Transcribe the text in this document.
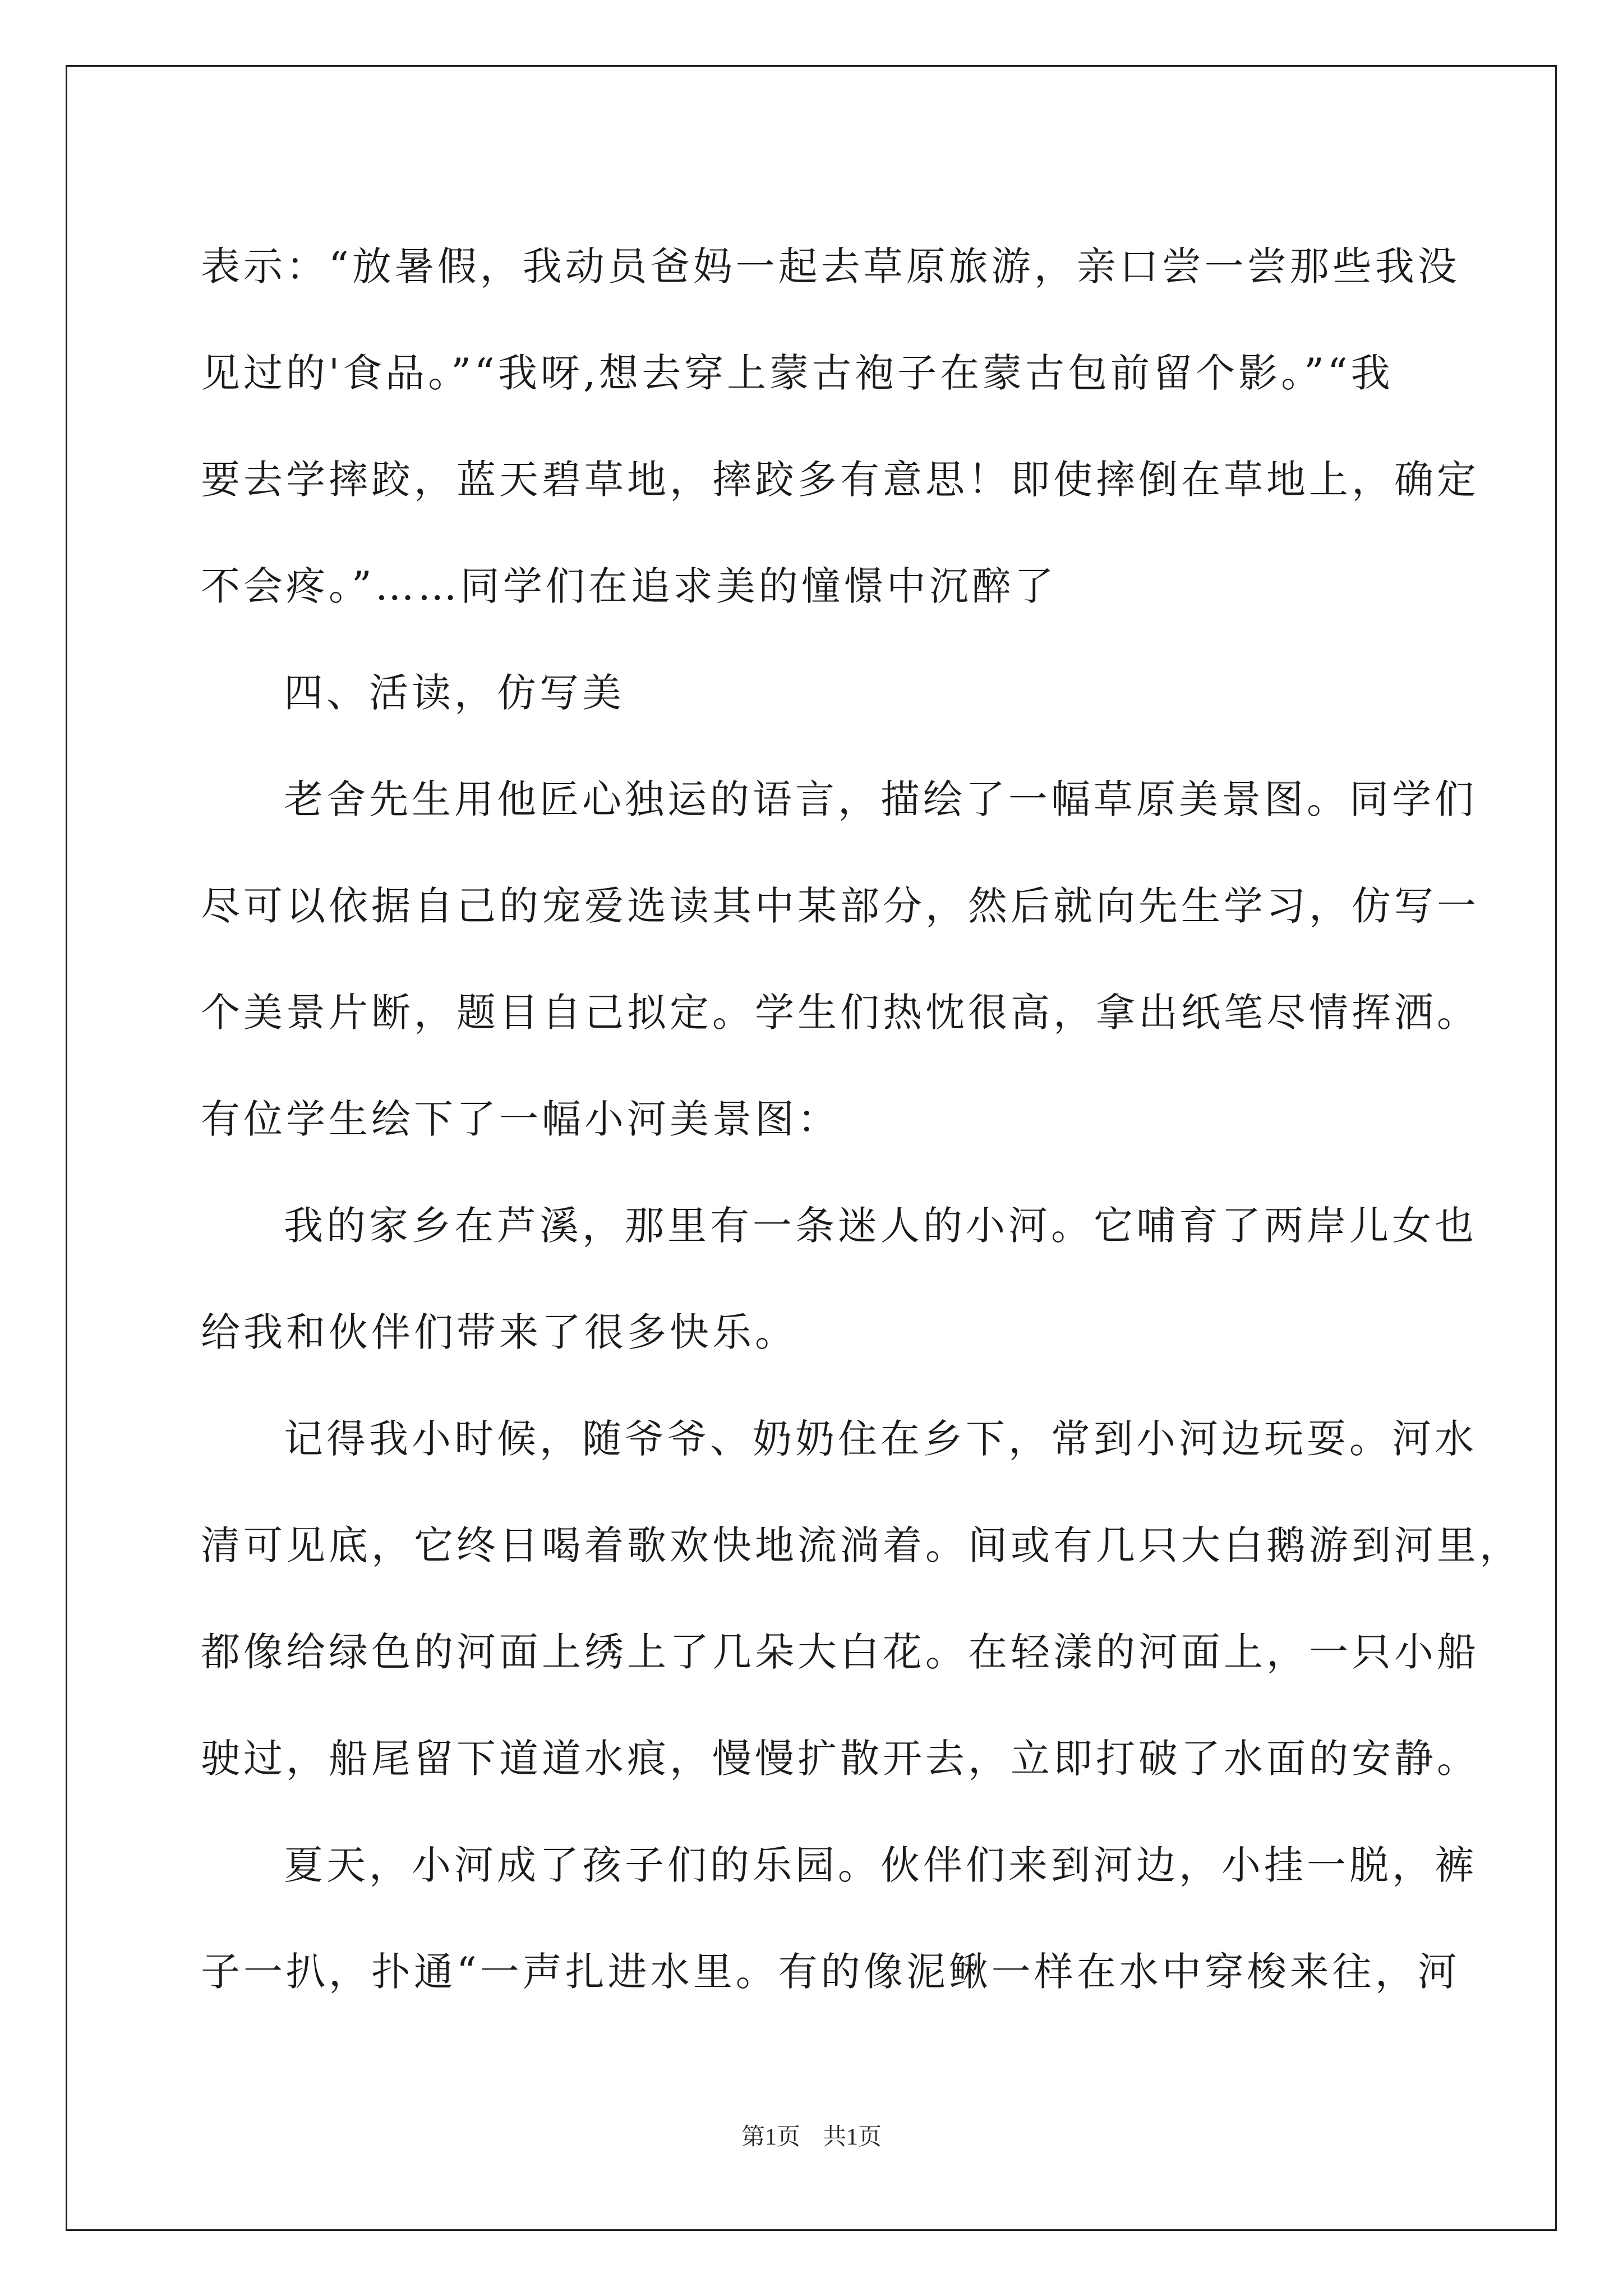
表示：“放暑假，我动员爸妈一起去草原旅游，亲口尝一尝那些我没
见过的'食品。”“我呀,想去穿上蒙古袍子在蒙古包前留个影。”“我
要去学摔跤，蓝天碧草地，摔跤多有意思！即使摔倒在草地上，确定
不会疼。”……同学们在追求美的憧憬中沉醉了
四、活读，仿写美
老舍先生用他匠心独运的语言，描绘了一幅草原美景图。同学们
尽可以依据自己的宠爱选读其中某部分，然后就向先生学习，仿写一
个美景片断，题目自己拟定。学生们热忱很高，拿出纸笔尽情挥洒。
有位学生绘下了一幅小河美景图：
我的家乡在芦溪，那里有一条迷人的小河。它哺育了两岸儿女也
给我和伙伴们带来了很多快乐。
记得我小时候，随爷爷、奶奶住在乡下，常到小河边玩耍。河水
清可见底，它终日喝着歌欢快地流淌着。间或有几只大白鹅游到河里，
都像给绿色的河面上绣上了几朵大白花。在轻漾的河面上，一只小船
驶过，船尾留下道道水痕，慢慢扩散开去，立即打破了水面的安静。
夏天，小河成了孩子们的乐园。伙伴们来到河边，小挂一脱，裤
子一扒，扑通“一声扎进水里。有的像泥鳅一样在水中穿梭来往，河
第1页 共1页
